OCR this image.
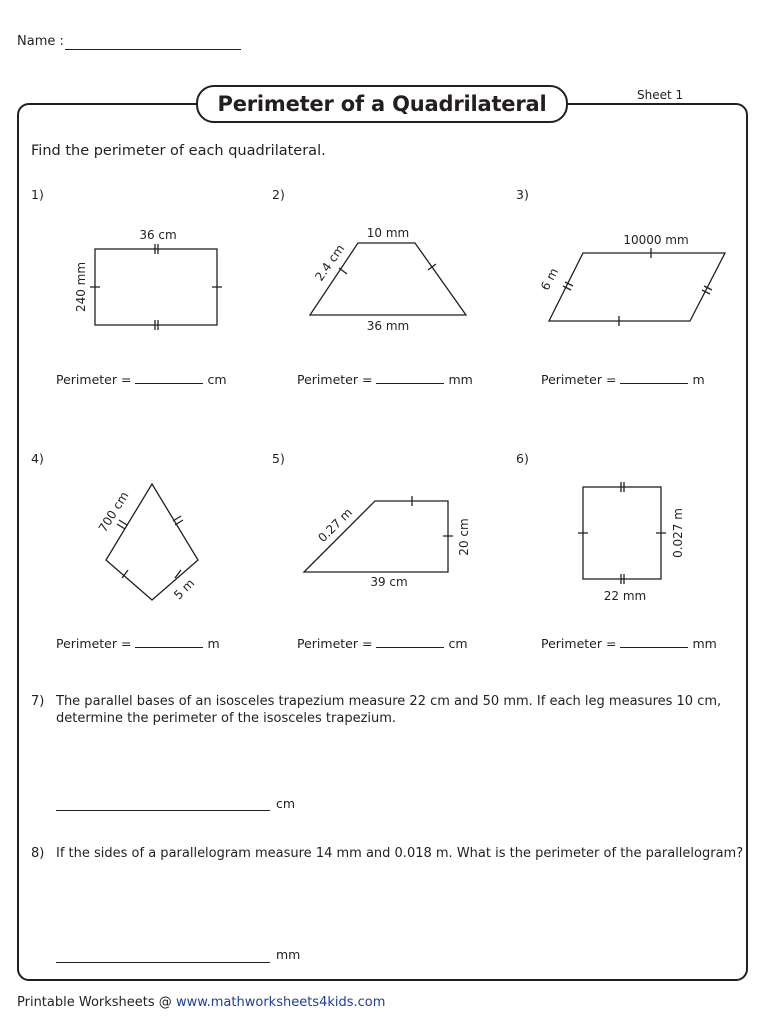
Name :
Perimeter of a Quadrilateral	Sheet 1
Find the perimeter of each quadrilateral.
1)	2)	3)
4)	5)	6)
36 cm
240 mm
10 mm
2.4 cm
36 mm
10000 mm
6 m
700 cm
5 m
0.27 m	20 cm
39 cm
0.027 m
22 mm
Perimeter =	cm	Perimeter =	mm	Perimeter =	m
Perimeter =	m	Perimeter =	cm	Perimeter =	mm
7) The parallel bases of an isosceles trapezium measure 22 cm and 50 mm. If each leg measures 10 cm,
determine the perimeter of the isosceles trapezium.
cm
8) If the sides of a parallelogram measure 14 mm and 0.018 m. What is the perimeter of the parallelogram?
mm
Printable Worksheets @ www.mathworksheets4kids.com
